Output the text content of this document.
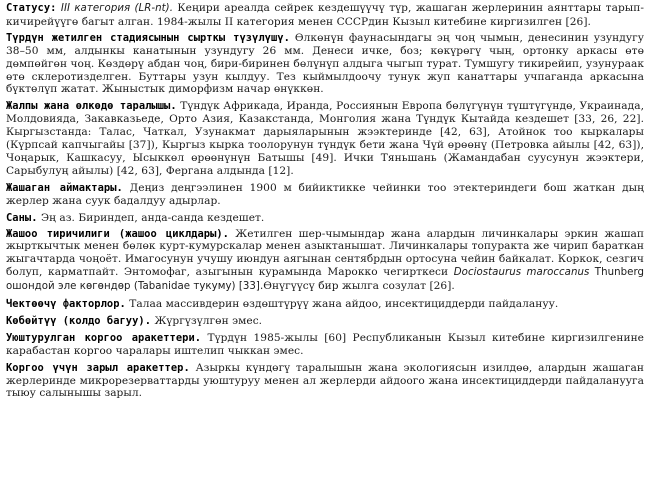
Статусу: III категория (LR-nt). Кеңири ареалда сейрек кездешүүчү түр, жашаган жерлеринин аянттары тарып-кичирейүүгө багыт алган. 1984-жылы II категория менен СССРдин Кызыл китебине киргизилген [26].

Түрдүн жетилген стадиясынын сырткы түзүлүшү. Өлкөнүн фаунасындагы эң чоң чымын, денесинин узундугу 38–50 мм, алдынкы канатынын узундугу 26 мм. Денеси ичке, боз; көкүрөгү чың, ортонку аркасы өтө дөмпөйгөн чоң. Көздөрү абдан чоң, бири-биринен бөлүнүп алдыга чыгып турат. Тумшугу тикирейип, узунураак өтө склеротизделген. Буттары узун кылдуу. Тез кыймылдоочу тунук жуп канаттары учпаганда аркасына бүктөлүп жатат. Жыныстык диморфизм начар өнүккөн.

Жалпы жана өлкөдө таралышы. Түндүк Африкада, Иранда, Россиянын Европа бөлүгүнүн түштүгүндө, Украинада, Молдовияда, Закавказьеде, Орто Азия, Казакстанда, Монголия жана Түндүк Кытайда кездешет [33, 26, 22]. Кыргызстанда: Талас, Чаткал, Узунакмат дарыяларынын жээктеринде [42, 63], Атойнок тоо кыркалары (Күрпсай капчыгайы [37]), Кыргыз кырка тоолорунун түндүк бети жана Чүй өрөөнү (Петровка айылы [42, 63]), Чоңарык, Кашкасуу, Ысыккөл өрөөнүнүн Батышы [49]. Ички Тяньшань (Жамандабан суусунун жээктери, Сарыбулуң айылы) [42, 63], Фергана алдында [12].

Жашаган аймактары. Деңиз деңгээлинен 1900 м бийиктикке чейинки тоо этектериндеги бош жаткан дың жерлер жана суук бадалдуу адырлар.

Саны. Эң аз. Бириндеп, анда-санда кездешет.

Жашоо тиричилиги (жашоо циклдары). Жетилген шер-чымындар жана алардын личинкалары эркин жашап жырткычтык менен бөлөк курт-кумурскалар менен азыктанышат. Личинкалары топуракта же чирип бараткан жыгачтарда чоңоёт. Имагосунун учушу июндун аягынан сентябрдын ортосуна чейин байкалат. Коркок, сезгич болуп, карматпайт. Энтомофаг, азыгынын курамында Марокко чегирткеси Dociostaurus maroccanus Thunberg ошондой эле көгөндөр (Tabanidae тукуму) [33].Өнүгүүсү бир жылга созулат [26].

Чектөөчү факторлор. Талаа массивдерин өздөштүрүү жана айдоо, инсектициддерди пайдалануу.

Көбөйтүү (колдо багуу). Жүргүзүлгөн эмес.

Уюштурулган коргоо аракеттери. Түрдүн 1985-жылы [60] Республиканын Кызыл китебине киргизилгенине карабастан коргоо чаралары иштелип чыккан эмес.

Коргоо үчүн зарыл аракеттер. Азыркы күндөгү таралышын жана экологиясын изилдөө, алардын жашаган жерлеринде микрорезерваттарды уюштуруу менен ал жерлерди айдоого жана инсектициддерди пайдаланууга тыюу салынышы зарыл.
